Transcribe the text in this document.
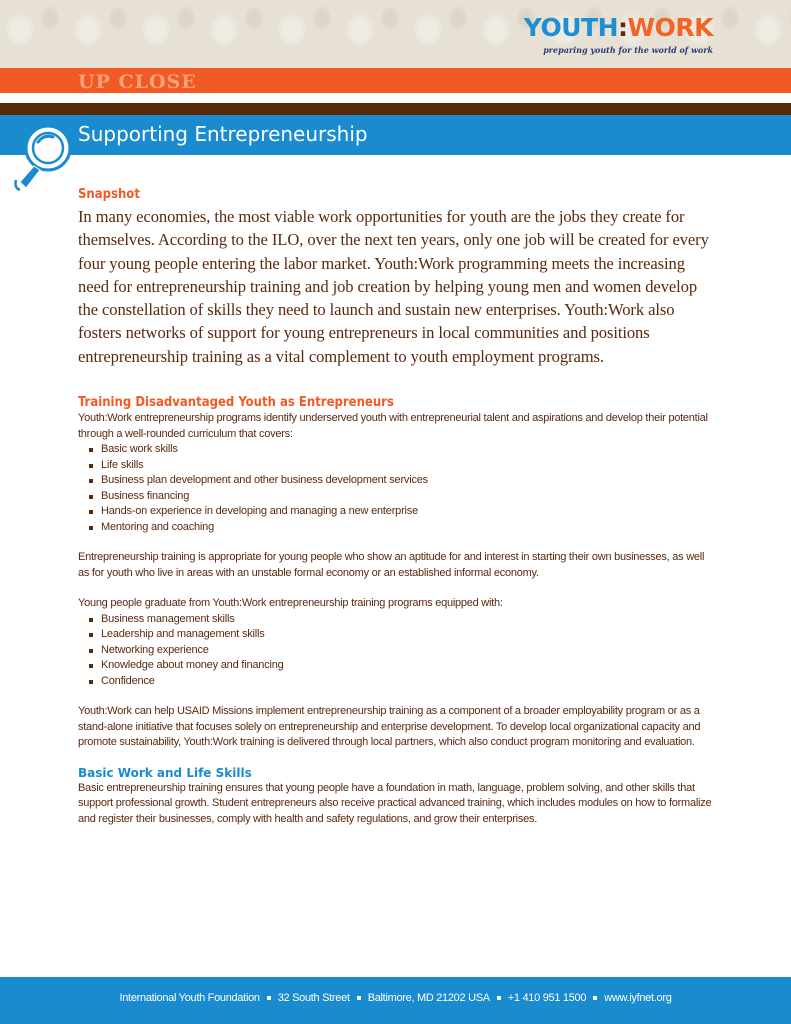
YOUTH:WORK
preparing youth for the world of work
UP CLOSE
Supporting Entrepreneurship
Snapshot

In many economies, the most viable work opportunities for youth are the jobs they create for themselves. According to the ILO, over the next ten years, only one job will be created for every four young people entering the labor market. Youth:Work programming meets the increasing need for entrepreneurship training and job creation by helping young men and women develop the constellation of skills they need to launch and sustain new enterprises. Youth:Work also fosters networks of support for young entrepreneurs in local communities and positions entrepreneurship training as a vital complement to youth employment programs.

Training Disadvantaged Youth as Entrepreneurs

Youth:Work entrepreneurship programs identify underserved youth with entrepreneurial talent and aspirations and develop their potential through a well-rounded curriculum that covers:

Basic work skills
Life skills
Business plan development and other business development services
Business financing
Hands-on experience in developing and managing a new enterprise
Mentoring and coaching

Entrepreneurship training is appropriate for young people who show an aptitude for and interest in starting their own businesses, as well as for youth who live in areas with an unstable formal economy or an established informal economy.

Young people graduate from Youth:Work entrepreneurship training programs equipped with:

Business management skills
Leadership and management skills
Networking experience
Knowledge about money and financing
Confidence

Youth:Work can help USAID Missions implement entrepreneurship training as a component of a broader employability program or as a stand-alone initiative that focuses solely on entrepreneurship and enterprise development. To develop local organizational capacity and promote sustainability, Youth:Work training is delivered through local partners, which also conduct program monitoring and evaluation.

Basic Work and Life Skills

Basic entrepreneurship training ensures that young people have a foundation in math, language, problem solving, and other skills that support professional growth. Student entrepreneurs also receive practical advanced training, which includes modules on how to formalize and register their businesses, comply with health and safety regulations, and grow their enterprises.

International Youth Foundation 32 South Street Baltimore, MD 21202 USA +1 410 951 1500 www.iyfnet.org
